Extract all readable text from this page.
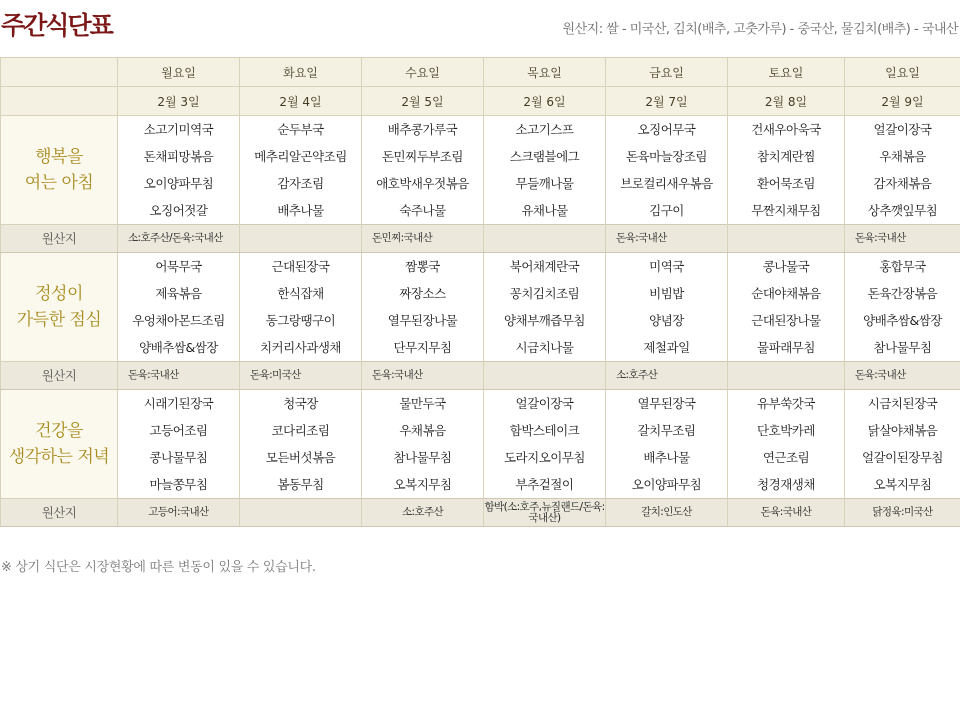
주간식단표	원산지: 쌀 - 미국산, 김치(배추, 고춧가루) - 중국산, 물김치(배추) - 국내산
	월요일	화요일	수요일	목요일	금요일	토요일	일요일
	2월 3일	2월 4일	2월 5일	2월 6일	2월 7일	2월 8일	2월 9일
행복을
여는 아침	소고기미역국	순두부국	배추콩가루국	소고기스프	오징어무국	건새우아욱국	얼갈이장국
	돈채피망볶음	메추리알곤약조림	돈민찌두부조림	스크램블에그	돈육마늘장조림	참치계란찜	우채볶음
	오이양파무침	감자조림	애호박새우젓볶음	무들깨나물	브로컬리새우볶음	환어묵조림	감자채볶음
	오징어젓갈	배추나물	숙주나물	유채나물	김구이	무짠지채무침	상추깻잎무침
원산지	소:호주산/돈육:국내산		돈민찌:국내산		돈육:국내산		돈육:국내산
정성이
가득한 점심	어묵무국	근대된장국	짬뽕국	북어채계란국	미역국	콩나물국	홍합무국
	제육볶음	한식잡채	짜장소스	꽁치김치조림	비빔밥	순대야채볶음	돈육간장볶음
	우엉채아몬드조림	동그랑땡구이	열무된장나물	양채부깨즙무침	양념장	근대된장나물	양배추쌈&쌈장
	양배추쌈&쌈장	치커리사과생채	단무지무침	시금치나물	제철과일	물파래무침	참나물무침
원산지	돈육:국내산	돈육:미국산	돈육:국내산		소:호주산		돈육:국내산
건강을
생각하는 저녁	시래기된장국	청국장	물만두국	얼갈이장국	열무된장국	유부쑥갓국	시금치된장국
	고등어조림	코다리조림	우채볶음	함박스테이크	갈치무조림	단호박카레	닭살야채볶음
	콩나물무침	모든버섯볶음	참나물무침	도라지오이무침	배추나물	연근조림	얼갈이된장무침
	마늘쫑무침	봄동무침	오복지무침	부추겉절이	오이양파무침	청경재생채	오복지무침
원산지	고등어:국내산		소:호주산	함박(소:호주,뉴질랜드/돈육:국내산)	갈치:인도산	돈육:국내산	닭정육:미국산
※ 상기 식단은 시장현황에 따른 변동이 있을 수 있습니다.
